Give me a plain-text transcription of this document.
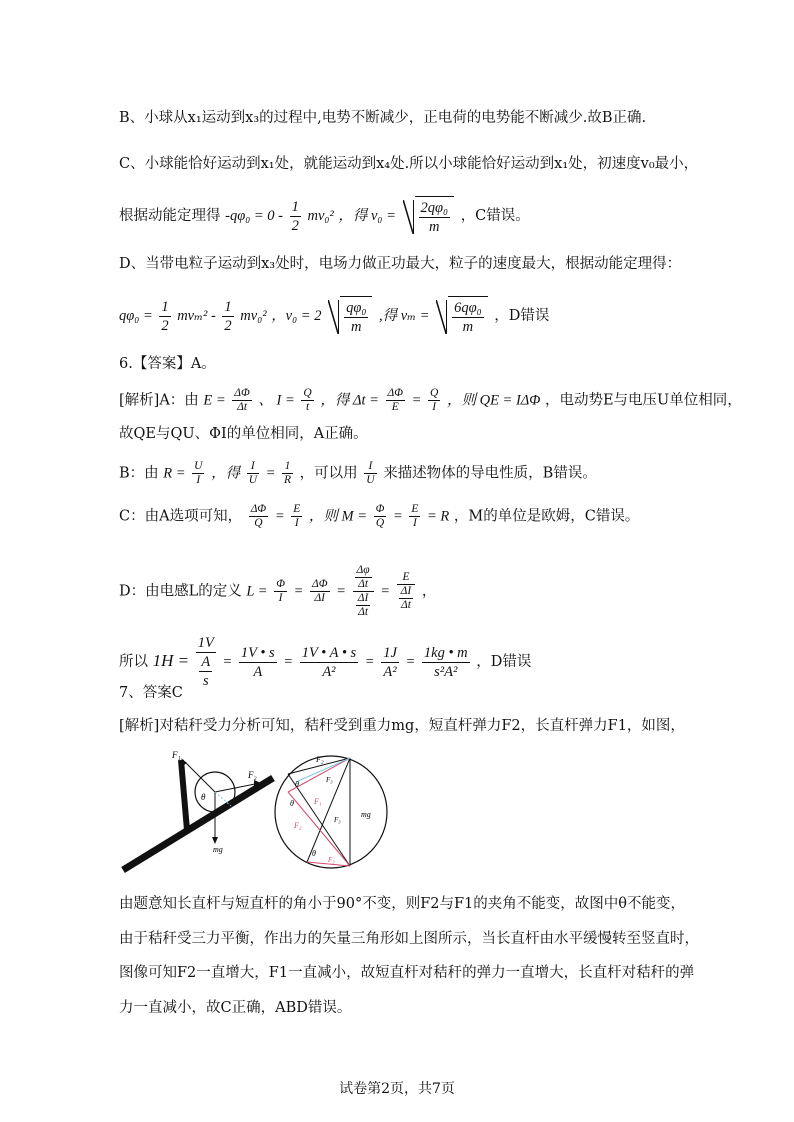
B、小球从x₁运动到x₃的过程中,电势不断减少，正电荷的电势能不断减少.故B正确.
C、小球能恰好运动到x₁处，就能运动到x₄处.所以小球能恰好运动到x₁处，初速度v₀最小，
根据动能定理得 $-q\varphi_0 = 0 - \frac{1}{2} mv_0^2$ ，得 $v_0 = \frac{\text{2qφ₀}}{m}$ ，C错误。
D、当带电粒子运动到x₃处时，电场力做正功最大，粒子的速度最大，根据动能定理得：
$q\varphi_0 = \frac{1}{2} mv_m^2 - \frac{1}{2} mv_0^2$ ，$v_0 = 2 \frac{\text{qφ₀}}{m}$ ,得 $v_m = \frac{\text{6qφ₀}}{m}$ ，D错误
6.【答案】A。
[解析]A：由 $E = \frac{\Delta\Phi}{\Delta t}$ 、 $I = \frac{Q}{t}$ ，得 $\Delta t = \frac{\Delta\Phi}{E} = \frac{Q}{I}$ ，则 QE = IΔΦ ，电动势E与电压U单位相同，
故QE与QU、ΦI的单位相同，A正确。
B：由 $R = \frac{U}{I}$ ，得 $\frac{I}{U} = \frac{1}{R}$ ，可以用 $\frac{I}{U}$ 来描述物体的导电性质，B错误。
C：由A选项可知， $\frac{\Delta\Phi}{Q} = \frac{E}{I}$ ，则 $M = \frac{\Phi}{Q} = \frac{E}{I} = R$ ，M的单位是欧姆，C错误。
D：由电感L的定义 $L = \frac{\Phi}{I} = \frac{\Delta\Phi}{\Delta I} = \frac{\frac{\Delta\varphi}{\Delta t}}{\frac{\Delta I}{\Delta t}} = \frac{E}{\frac{\Delta I}{\Delta t}}$ ，
所以 $1H = \frac{1V}{\frac{A}{s}} = \frac{1V • s}{A} = \frac{1V • A • s}{\text{A²}} = \frac{1J}{\text{A²}} = \frac{1kg • m}{\text{s²A²}}$ ，D错误
7、答案C
[解析]对秸秆受力分析可知，秸秆受到重力mg，短直杆弹力F2，长直杆弹力F1，如图，
F₁
F₂
θ
mg
F₂
F₁
F₂
F₃
F₃
F₃
mg
θ
θ
θ
由题意知长直杆与短直杆的角小于90°不变，则F2与F1的夹角不能变，故图中θ不能变，
由于秸秆受三力平衡，作出力的矢量三角形如上图所示，当长直杆由水平缓慢转至竖直时，
图像可知F2一直增大，F1一直减小，故短直杆对秸秆的弹力一直增大，长直杆对秸秆的弹
力一直减小，故C正确，ABD错误。
试卷第2页，共7页
